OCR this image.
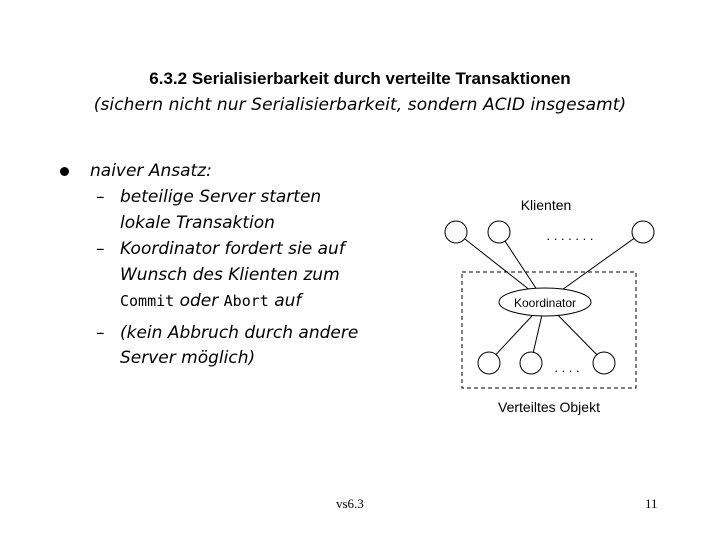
6.3.2 Serialisierbarkeit durch verteilte Transaktionen
(sichern nicht nur Serialisierbarkeit, sondern ACID insgesamt)
naiver Ansatz:
– beteilige Server starten
lokale Transaktion
– Koordinator fordert sie auf
Wunsch des Klienten zum
Commit oder Abort auf
– (kein Abbruch durch andere
Server möglich)
Klienten
. . . . . . .
Koordinator
. . . .
Verteiltes Objekt
vs6.3	11
